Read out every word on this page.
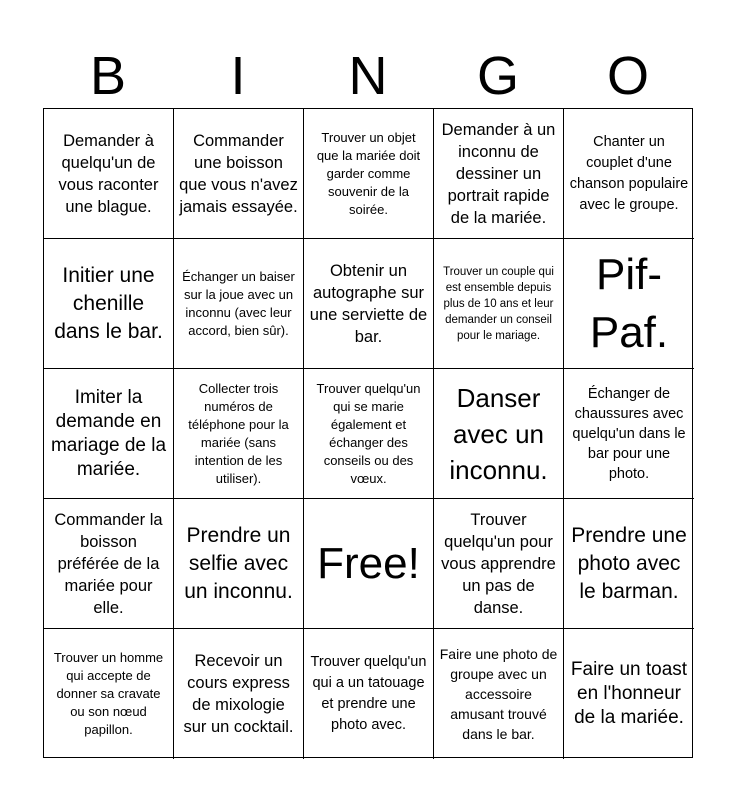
B	I	N	G	O
Demander à quelqu'un de vous raconter une blague.
Commander une boisson que vous n'avez jamais essayée.
Trouver un objet que la mariée doit garder comme souvenir de la soirée.
Demander à un inconnu de dessiner un portrait rapide de la mariée.
Chanter un couplet d'une chanson populaire avec le groupe.
Initier une chenille dans le bar.
Échanger un baiser sur la joue avec un inconnu (avec leur accord, bien sûr).
Obtenir un autographe sur une serviette de bar.
Trouver un couple qui est ensemble depuis plus de 10 ans et leur demander un conseil pour le mariage.
Pif-Paf.
Imiter la demande en mariage de la mariée.
Collecter trois numéros de téléphone pour la mariée (sans intention de les utiliser).
Trouver quelqu'un qui se marie également et échanger des conseils ou des vœux.
Danser avec un inconnu.
Échanger de chaussures avec quelqu'un dans le bar pour une photo.
Commander la boisson préférée de la mariée pour elle.
Prendre un selfie avec un inconnu.
Free!
Trouver quelqu'un pour vous apprendre un pas de danse.
Prendre une photo avec le barman.
Trouver un homme qui accepte de donner sa cravate ou son nœud papillon.
Recevoir un cours express de mixologie sur un cocktail.
Trouver quelqu'un qui a un tatouage et prendre une photo avec.
Faire une photo de groupe avec un accessoire amusant trouvé dans le bar.
Faire un toast en l'honneur de la mariée.
